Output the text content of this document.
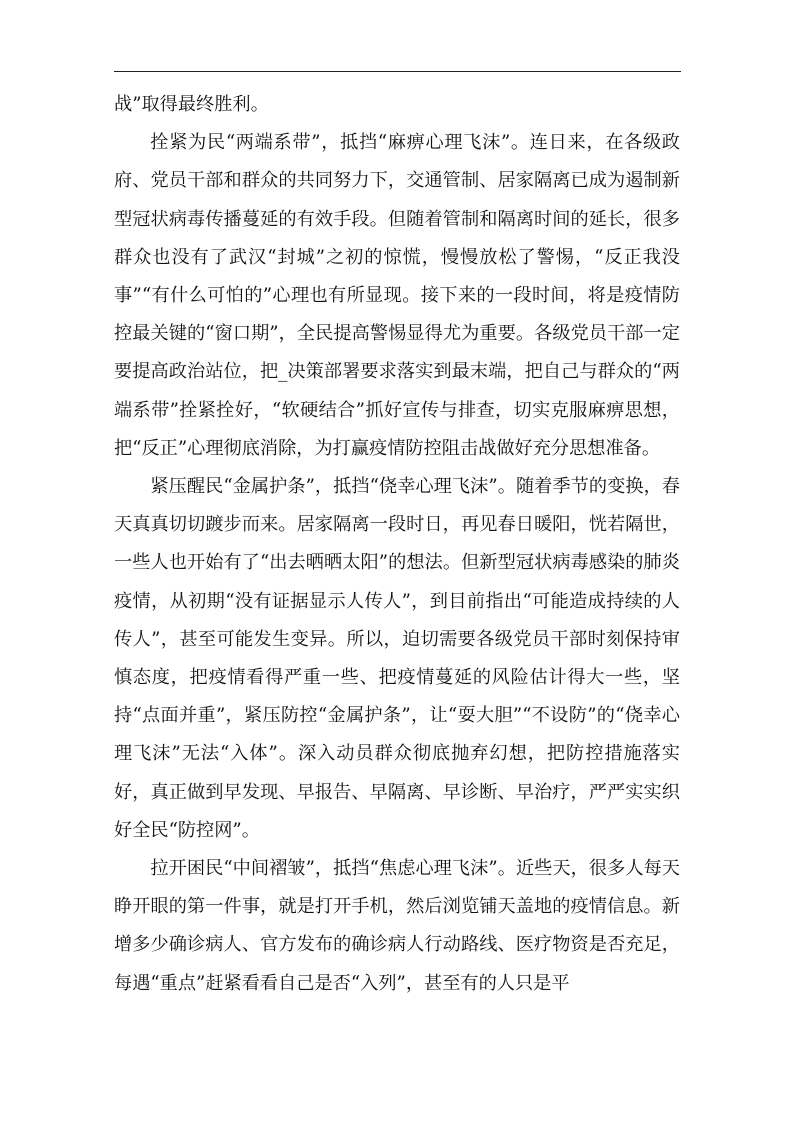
战”取得最终胜利。

拴紧为民“两端系带”，抵挡“麻痹心理飞沫”。连日来，在各级政府、党员干部和群众的共同努力下，交通管制、居家隔离已成为遏制新型冠状病毒传播蔓延的有效手段。但随着管制和隔离时间的延长，很多群众也没有了武汉“封城”之初的惊慌，慢慢放松了警惕，“反正我没事”“有什么可怕的”心理也有所显现。接下来的一段时间，将是疫情防控最关键的“窗口期”，全民提高警惕显得尤为重要。各级党员干部一定要提高政治站位，把_决策部署要求落实到最末端，把自己与群众的“两端系带”拴紧拴好，“软硬结合”抓好宣传与排查，切实克服麻痹思想，把“反正”心理彻底消除，为打赢疫情防控阻击战做好充分思想准备。

紧压醒民“金属护条”，抵挡“侥幸心理飞沫”。随着季节的变换，春天真真切切踱步而来。居家隔离一段时日，再见春日暖阳，恍若隔世，一些人也开始有了“出去晒晒太阳”的想法。但新型冠状病毒感染的肺炎疫情，从初期“没有证据显示人传人”，到目前指出“可能造成持续的人传人”，甚至可能发生变异。所以，迫切需要各级党员干部时刻保持审慎态度，把疫情看得严重一些、把疫情蔓延的风险估计得大一些，坚持“点面并重”，紧压防控“金属护条”，让“耍大胆”“不设防”的“侥幸心理飞沫”无法“入体”。深入动员群众彻底抛弃幻想，把防控措施落实好，真正做到早发现、早报告、早隔离、早诊断、早治疗，严严实实织好全民“防控网”。

拉开困民“中间褶皱”，抵挡“焦虑心理飞沫”。近些天，很多人每天睁开眼的第一件事，就是打开手机，然后浏览铺天盖地的疫情信息。新增多少确诊病人、官方发布的确诊病人行动路线、医疗物资是否充足，每遇“重点”赶紧看看自己是否“入列”，甚至有的人只是平
